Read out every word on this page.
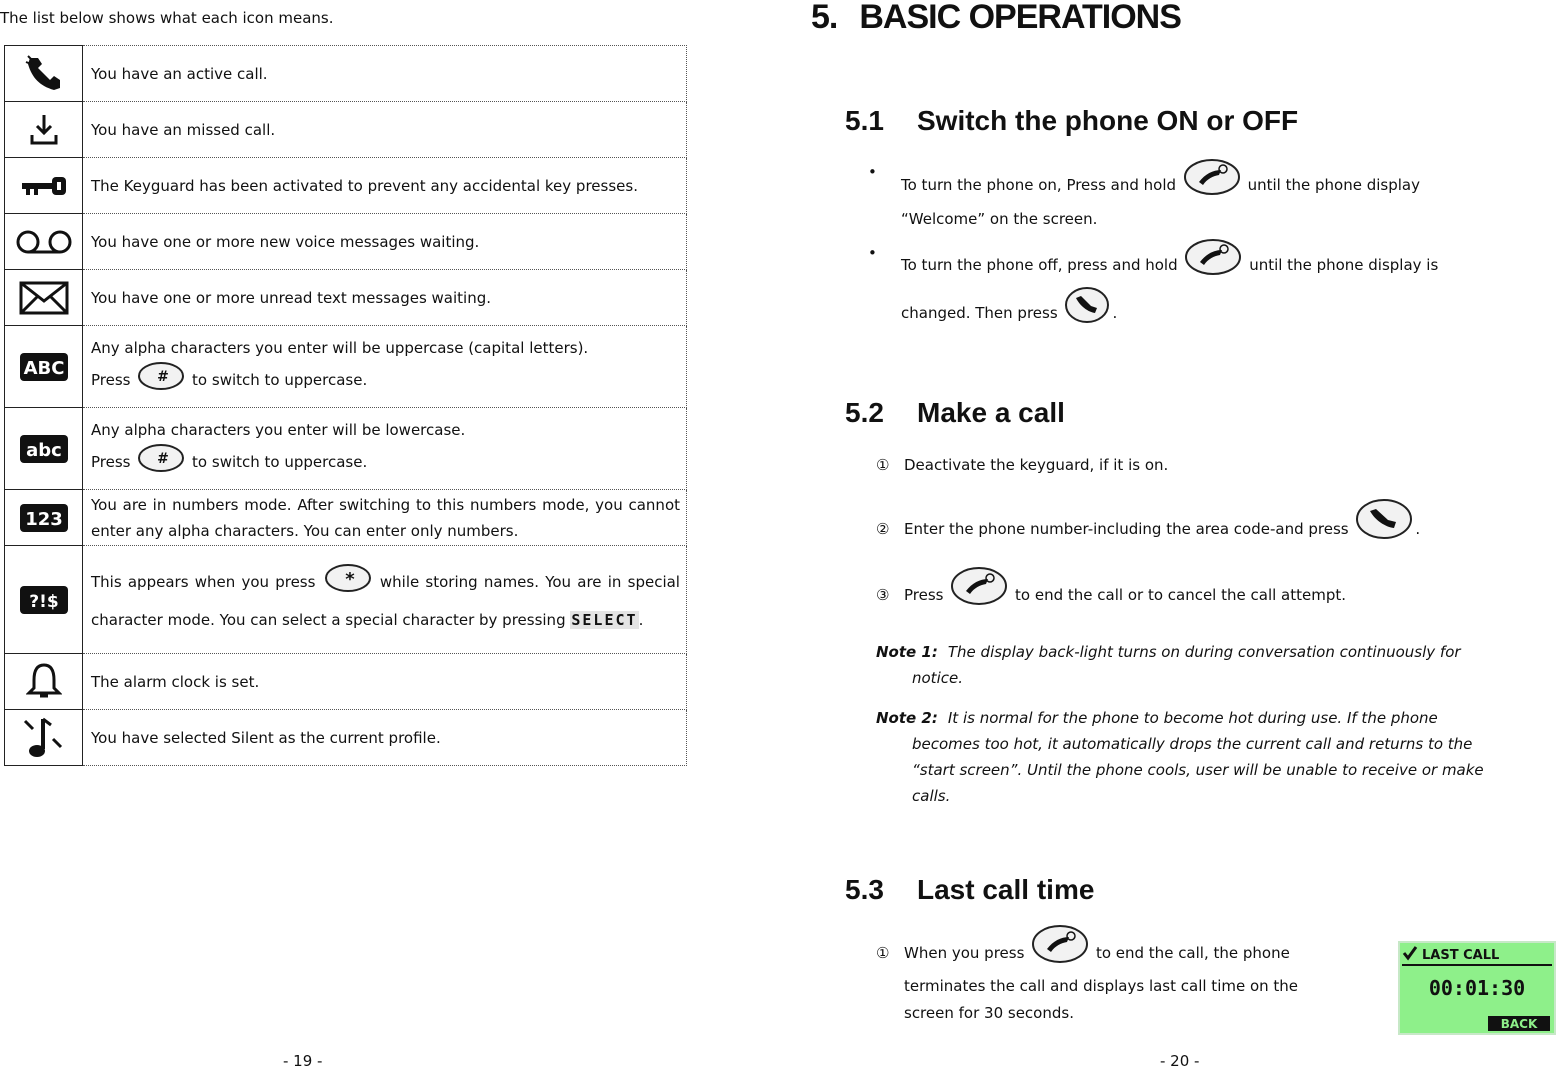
The list below shows what each icon means.
	You have an active call.

	You have an missed call.

	The Keyguard has been activated to prevent any accidental key presses.

	You have one or more new voice messages waiting.

	You have one or more unread text messages waiting.

ABC	Any alpha characters you enter will be uppercase (capital letters).
Press # to switch to uppercase.

abc	Any alpha characters you enter will be lowercase.
Press # to switch to uppercase.

123	You are in numbers mode. After switching to this numbers mode, you cannot enter any alpha characters. You can enter only numbers.

?!$	This appears when you press * while storing names. You are in special character mode. You can select a special character by pressing SELECT.

	The alarm clock is set.

	You have selected Silent as the current profile.
- 19 -
5. BASIC OPERATIONS
5.1 Switch the phone ON or OFF
•
To turn the phone on, Press and hold	until the phone display
“Welcome” on the screen.
•
To turn the phone off, press and hold	until the phone display is
changed. Then press	.
5.2 Make a call
① Deactivate the keyguard, if it is on.
② Enter the phone number-including the area code-and press	.
③ Press	to end the call or to cancel the call attempt.
Note 1: The display back-light turns on during conversation continuously for
notice.
Note 2: It is normal for the phone to become hot during use. If the phone
becomes too hot, it automatically drops the current call and returns to the
“start screen”. Until the phone cools, user will be unable to receive or make
calls.
5.3 Last call time
① When you press	to end the call, the phone
terminates the call and displays last call time on the
screen for 30 seconds.
LAST CALL
00:01:30
BACK
- 20 -
